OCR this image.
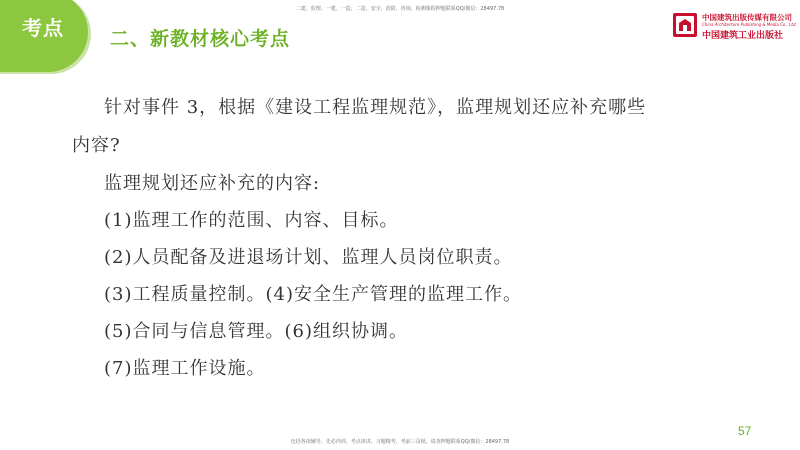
二建、监理、一建、一造、二造、安全、消防、咨询、检测课程押题联系QQ/微信：28497.78
考点 二、新教材核心考点
中国建筑出版传媒有限公司
China Architecture Publishing & Media Co., Ltd.
中国建筑工业出版社
针对事件 3，根据《建设工程监理规范》，监理规划还应补充哪些
内容?
监理规划还应补充的内容:
(1)监理工作的范围、内容、目标。
(2)人员配备及进退场计划、监理人员岗位职责。
(3)工程质量控制。(4)安全生产管理的监理工作。
(5)合同与信息管理。(6)组织协调。
(7)监理工作设施。
57
包括各项辅导、先必内训、考点串讲、习题精考、考前三页纸、请查押题联系QQ/微信：28497.78
